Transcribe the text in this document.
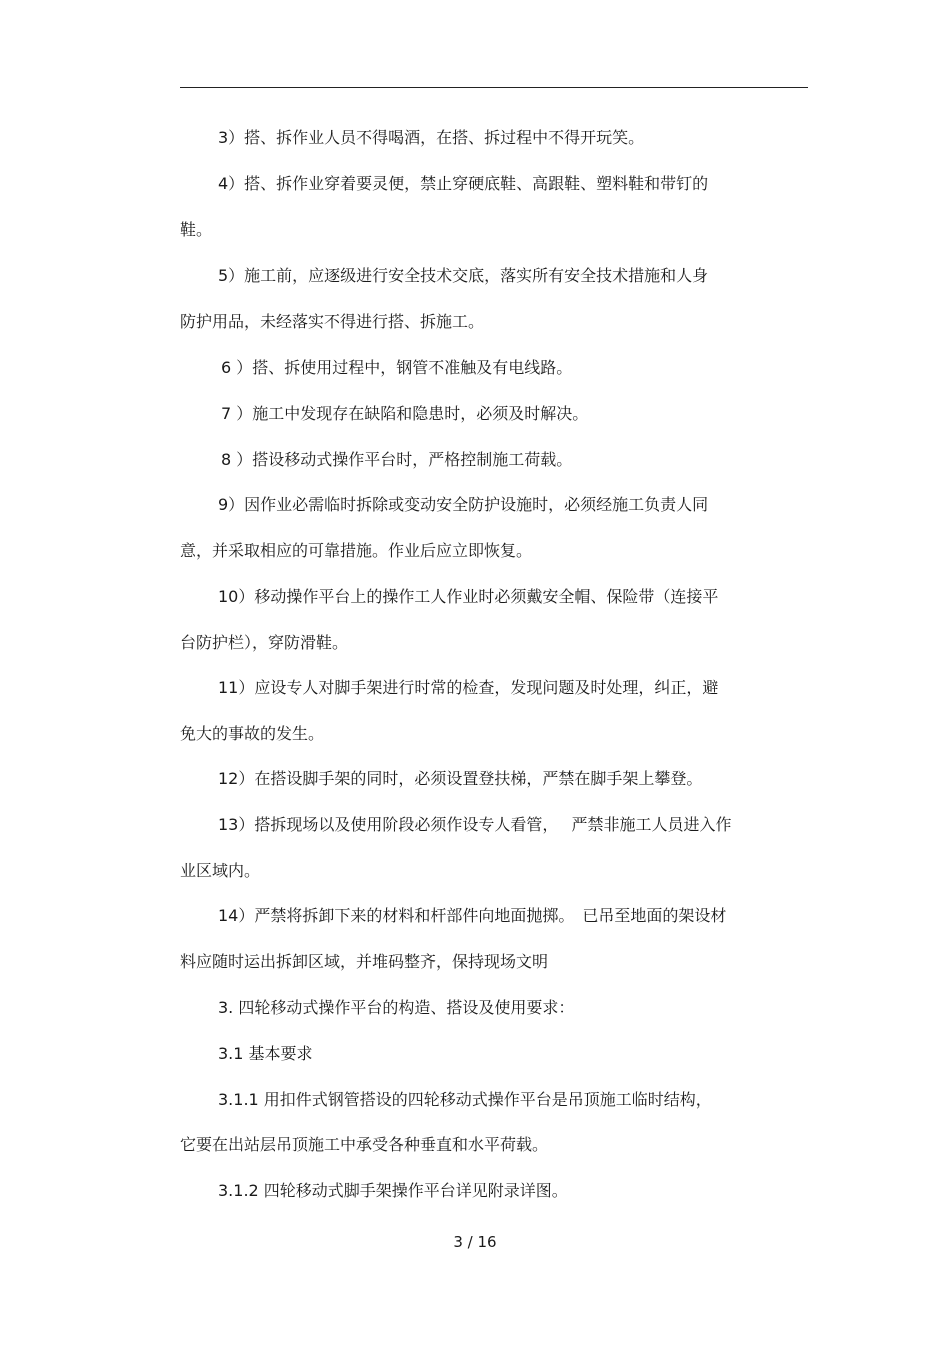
3）搭、拆作业人员不得喝酒，在搭、拆过程中不得开玩笑。
4）搭、拆作业穿着要灵便，禁止穿硬底鞋、高跟鞋、塑料鞋和带钉的
鞋。
5）施工前，应逐级进行安全技术交底，落实所有安全技术措施和人身
防护用品，未经落实不得进行搭、拆施工。
6 ）搭、拆使用过程中，钢管不准触及有电线路。
7 ）施工中发现存在缺陷和隐患时，必须及时解决。
8 ）搭设移动式操作平台时，严格控制施工荷载。
9）因作业必需临时拆除或变动安全防护设施时，必须经施工负责人同
意，并采取相应的可靠措施。作业后应立即恢复。
10）移动操作平台上的操作工人作业时必须戴安全帽、保险带（连接平
台防护栏），穿防滑鞋。
11）应设专人对脚手架进行时常的检查，发现问题及时处理，纠正，避
免大的事故的发生。
12）在搭设脚手架的同时，必须设置登扶梯，严禁在脚手架上攀登。
13）搭拆现场以及使用阶段必须作设专人看管，　 严禁非施工人员进入作
业区域内。
14）严禁将拆卸下来的材料和杆部件向地面抛掷。　已吊至地面的架设材
料应随时运出拆卸区域，并堆码整齐，保持现场文明
3. 四轮移动式操作平台的构造、搭设及使用要求：
3.1 基本要求
3.1.1 用扣件式钢管搭设的四轮移动式操作平台是吊顶施工临时结构，
它要在出站层吊顶施工中承受各种垂直和水平荷载。
3.1.2 四轮移动式脚手架操作平台详见附录详图。
3 / 16
